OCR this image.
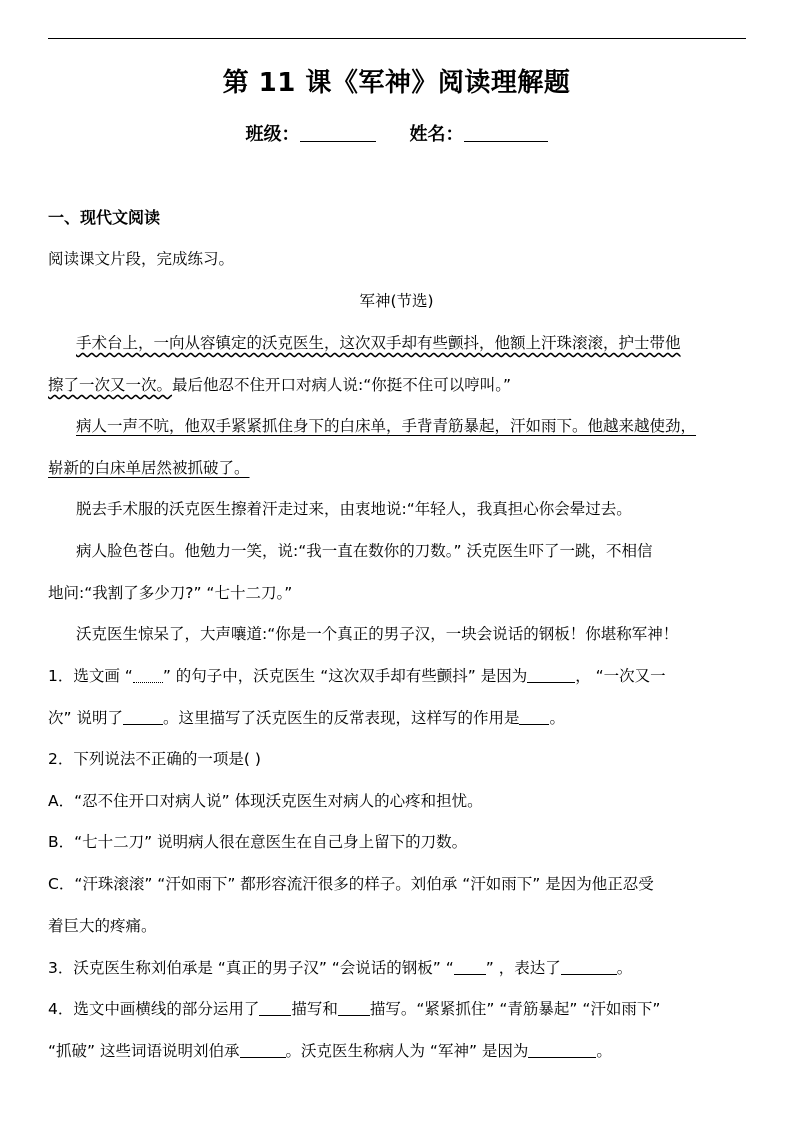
第 11 课《军神》阅读理解题
班级：	姓名：
一、现代文阅读
阅读课文片段，完成练习。
军神(节选)
手术台上，一向从容镇定的沃克医生，这次双手却有些颤抖，他额上汗珠滚滚，护士带他
擦了一次又一次。最后他忍不住开口对病人说:“你挺不住可以哼叫。”
病人一声不吭，他双手紧紧抓住身下的白床单，手背青筋暴起，汗如雨下。他越来越使劲，
崭新的白床单居然被抓破了。
脱去手术服的沃克医生擦着汗走过来，由衷地说:“年轻人，我真担心你会晕过去。
病人脸色苍白。他勉力一笑，说:“我一直在数你的刀数。” 沃克医生吓了一跳，不相信
地问:“我割了多少刀?” “七十二刀。”
沃克医生惊呆了，大声嚷道:“你是一个真正的男子汉，一块会说话的钢板！你堪称军神！
1．选文画 “ ” 的句子中，沃克医生 “这次双手却有些颤抖” 是因为	， “一次又一
次” 说明了	。这里描写了沃克医生的反常表现，这样写的作用是 。
2．下列说法不正确的一项是( )
A．“忍不住开口对病人说” 体现沃克医生对病人的心疼和担忧。
B．“七十二刀” 说明病人很在意医生在自己身上留下的刀数。
C．“汗珠滚滚” “汗如雨下” 都形容流汗很多的样子。刘伯承 “汗如雨下” 是因为他正忍受
着巨大的疼痛。
3．沃克医生称刘伯承是 “真正的男子汉” “会说话的钢板” “ ” ，表达了	。
4．选文中画横线的部分运用了 描写和 描写。“紧紧抓住” “青筋暴起” “汗如雨下”
“抓破” 这些词语说明刘伯承	。沃克医生称病人为 “军神” 是因为	。
